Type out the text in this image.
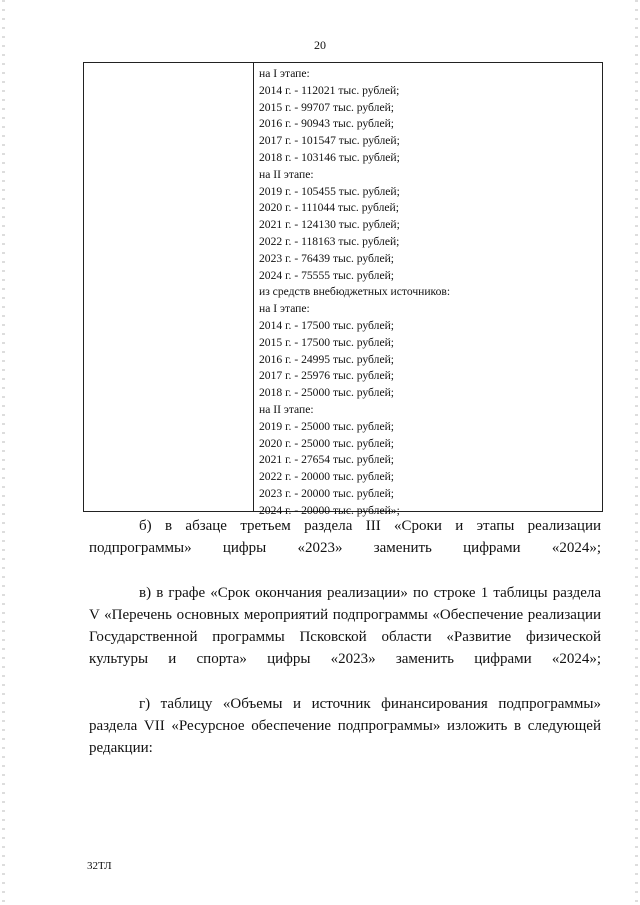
20
на I этапе:
2014 г. - 112021 тыс. рублей;
2015 г. - 99707 тыс. рублей;
2016 г. - 90943 тыс. рублей;
2017 г. - 101547 тыс. рублей;
2018 г. - 103146 тыс. рублей;
на II этапе:
2019 г. - 105455 тыс. рублей;
2020 г. - 111044 тыс. рублей;
2021 г. - 124130 тыс. рублей;
2022 г. - 118163 тыс. рублей;
2023 г. - 76439 тыс. рублей;
2024 г. - 75555 тыс. рублей;
из средств внебюджетных источников:
на I этапе:
2014 г. - 17500 тыс. рублей;
2015 г. - 17500 тыс. рублей;
2016 г. - 24995 тыс. рублей;
2017 г. - 25976 тыс. рублей;
2018 г. - 25000 тыс. рублей;
на II этапе:
2019 г. - 25000 тыс. рублей;
2020 г. - 25000 тыс. рублей;
2021 г. - 27654 тыс. рублей;
2022 г. - 20000 тыс. рублей;
2023 г. - 20000 тыс. рублей;
2024 г. - 20000 тыс. рублей»;

б) в абзаце третьем раздела III «Сроки и этапы реализации подпрограммы» цифры «2023» заменить цифрами «2024»;

в) в графе «Срок окончания реализации» по строке 1 таблицы раздела V «Перечень основных мероприятий подпрограммы «Обеспечение реализации Государственной программы Псковской области «Развитие физической культуры и спорта» цифры «2023» заменить цифрами «2024»;

г) таблицу «Объемы и источник финансирования подпрограммы» раздела VII «Ресурсное обеспечение подпрограммы» изложить в следующей редакции:

32ТЛ
